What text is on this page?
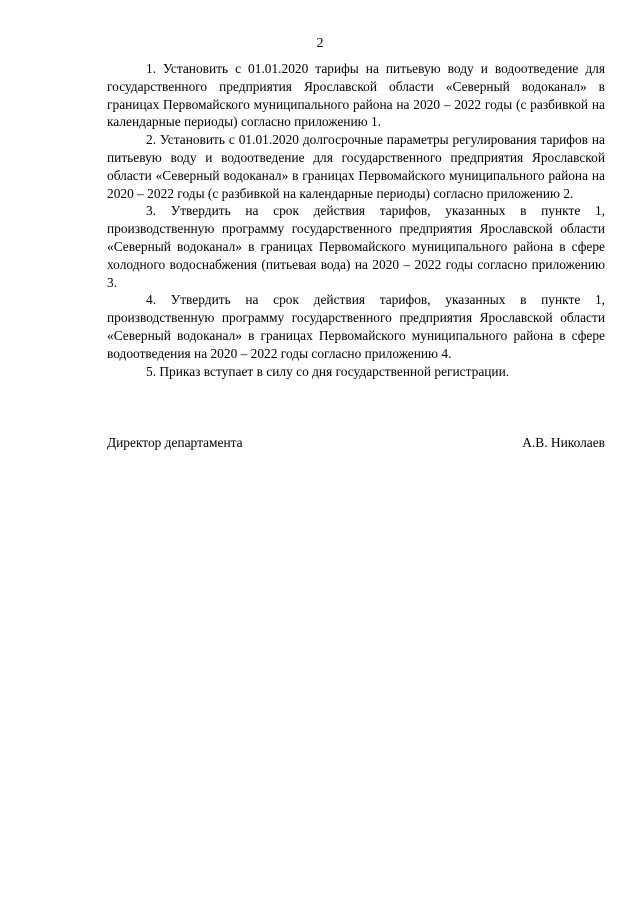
2

1. Установить с 01.01.2020 тарифы на питьевую воду и водоотведение для государственного предприятия Ярославской области «Северный водоканал» в границах Первомайского муниципального района на 2020 – 2022 годы (с разбивкой на календарные периоды) согласно приложению 1.

2. Установить с 01.01.2020 долгосрочные параметры регулирования тарифов на питьевую воду и водоотведение для государственного предприятия Ярославской области «Северный водоканал» в границах Первомайского муниципального района на 2020 – 2022 годы (с разбивкой на календарные периоды) согласно приложению 2.

3. Утвердить на срок действия тарифов, указанных в пункте 1, производственную программу государственного предприятия Ярославской области «Северный водоканал» в границах Первомайского муниципального района в сфере холодного водоснабжения (питьевая вода) на 2020 – 2022 годы согласно приложению 3.

4. Утвердить на срок действия тарифов, указанных в пункте 1, производственную программу государственного предприятия Ярославской области «Северный водоканал» в границах Первомайского муниципального района в сфере водоотведения на 2020 – 2022 годы согласно приложению 4.

5. Приказ вступает в силу со дня государственной регистрации.

Директор департамента	А.В. Николаев
